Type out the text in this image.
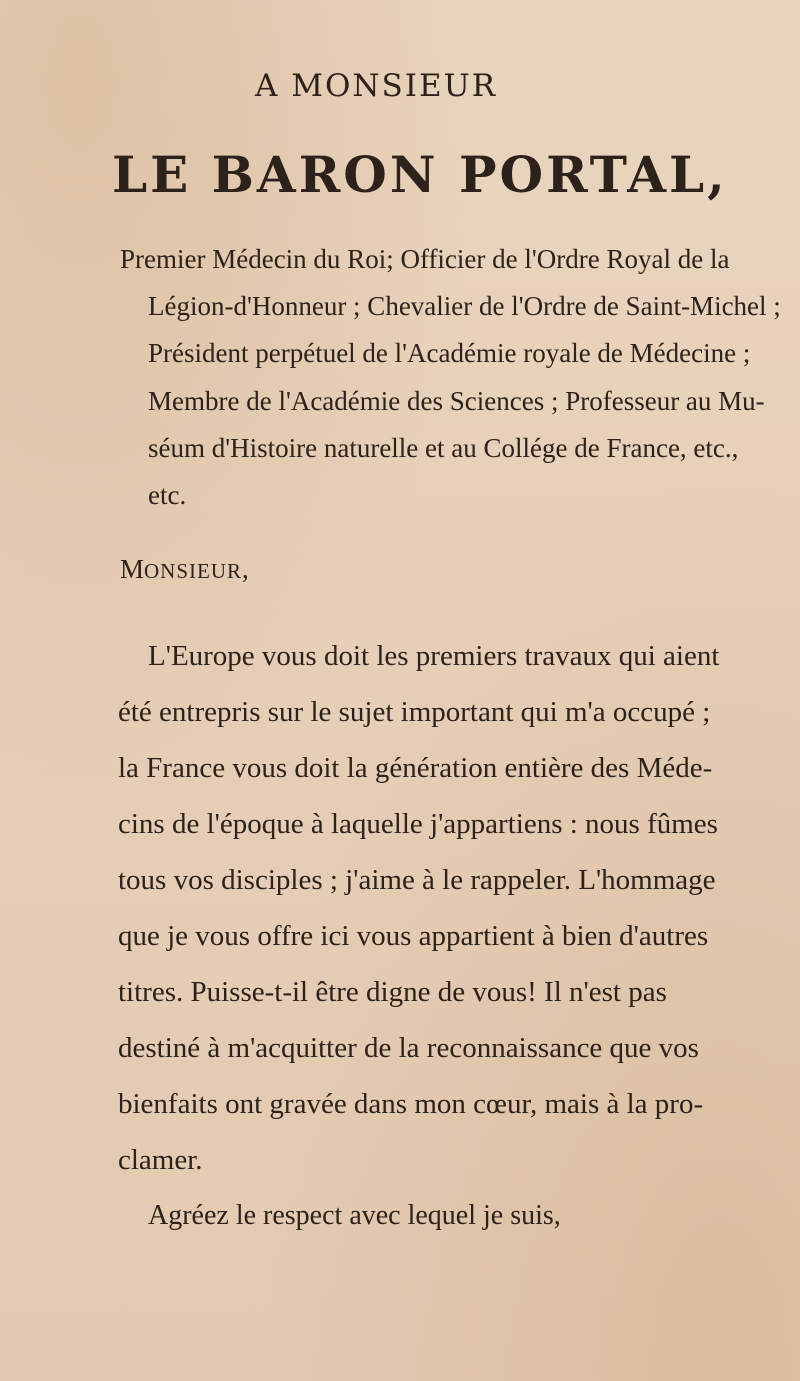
A MONSIEUR

LE BARON PORTAL,

Premier Médecin du Roi; Officier de l'Ordre Royal de la

Légion-d'Honneur ; Chevalier de l'Ordre de Saint-Michel ;

Président perpétuel de l'Académie royale de Médecine ;

Membre de l'Académie des Sciences ; Professeur au Mu-

séum d'Histoire naturelle et au Collége de France, etc.,

etc.

MONSIEUR,

L'Europe vous doit les premiers travaux qui aient

été entrepris sur le sujet important qui m'a occupé ;

la France vous doit la génération entière des Méde-

cins de l'époque à laquelle j'appartiens : nous fûmes

tous vos disciples ; j'aime à le rappeler. L'hommage

que je vous offre ici vous appartient à bien d'autres

titres. Puisse-t-il être digne de vous! Il n'est pas

destiné à m'acquitter de la reconnaissance que vos

bienfaits ont gravée dans mon cœur, mais à la pro-

clamer.

Agréez le respect avec lequel je suis,
